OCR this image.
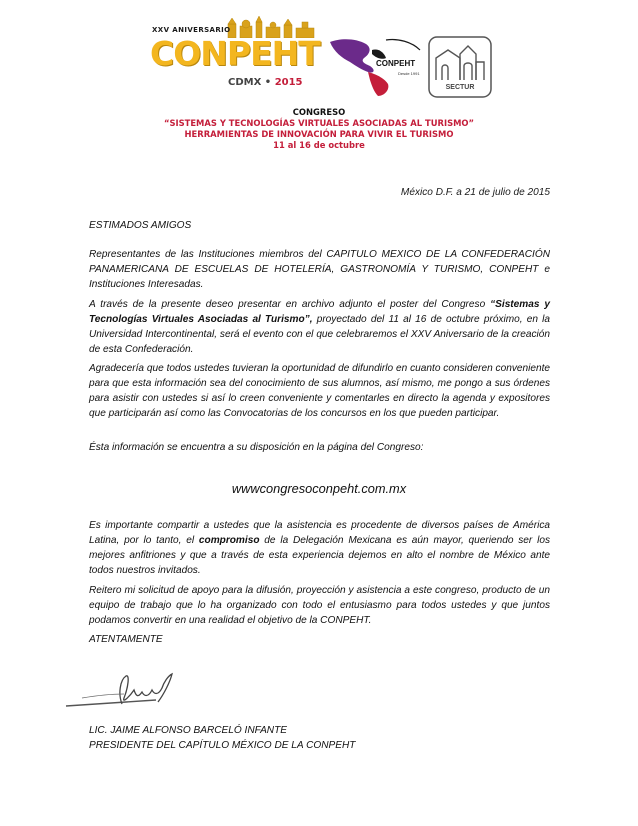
XXV ANIVERSARIO
CONPEHT
CDMX • 2015
CONPEHT
Desde 1991
SECTUR
CONGRESO
“SISTEMAS Y TECNOLOGÍAS VIRTUALES ASOCIADAS AL TURISMO”
HERRAMIENTAS DE INNOVACIÓN PARA VIVIR EL TURISMO
11 al 16 de octubre
México D.F. a 21 de julio de 2015
ESTIMADOS AMIGOS

Representantes de las Instituciones miembros del CAPITULO MEXICO DE LA CONFEDERACIÓN PANAMERICANA DE ESCUELAS DE HOTELERÍA, GASTRONOMÍA Y TURISMO, CONPEHT e Instituciones Interesadas.

A través de la presente deseo presentar en archivo adjunto el poster del Congreso “Sistemas y Tecnologías Virtuales Asociadas al Turismo”, proyectado del 11 al 16 de octubre próximo, en la Universidad Intercontinental, será el evento con el que celebraremos el XXV Aniversario de la creación de esta Confederación.

Agradecería que todos ustedes tuvieran la oportunidad de difundirlo en cuanto consideren conveniente para que esta información sea del conocimiento de sus alumnos, así mismo, me pongo a sus órdenes para asistir con ustedes si así lo creen conveniente y comentarles en directo la agenda y expositores que participarán así como las Convocatorias de los concursos en los que pueden participar.

Ésta información se encuentra a su disposición en la página del Congreso:

wwwcongresoconpeht.com.mx

Es importante compartir a ustedes que la asistencia es procedente de diversos países de América Latina, por lo tanto, el compromiso de la Delegación Mexicana es aún mayor, queriendo ser los mejores anfitriones y que a través de esta experiencia dejemos en alto el nombre de México ante todos nuestros invitados.

Reitero mi solicitud de apoyo para la difusión, proyección y asistencia a este congreso, producto de un equipo de trabajo que lo ha organizado con todo el entusiasmo para todos ustedes y que juntos podamos convertir en una realidad el objetivo de la CONPEHT.

ATENTAMENTE
LIC. JAIME ALFONSO BARCELÓ INFANTE
PRESIDENTE DEL CAPÍTULO MÉXICO DE LA CONPEHT
